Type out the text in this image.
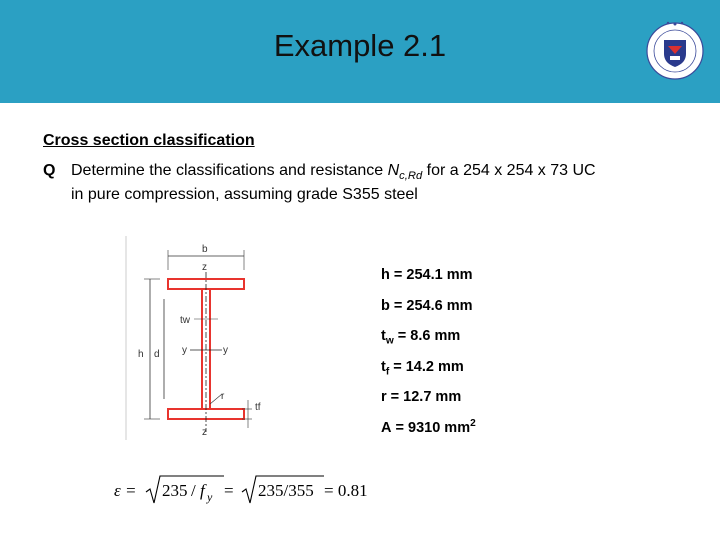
Example 2.1
Cross section classification
Q Determine the classifications and resistance $N_{c,Rd}$ for a 254 x 254 x 73 UC
in pure compression, assuming grade S355 steel
b
z
y	y
tw
h d
r
tf
z
h = 254.1 mm
b = 254.6 mm
$t_w = 8.6$ mm
$t_f = 14.2$ mm
r = 12.7 mm
A = 9310 $mm^2$
ε = 235 / f y = 235/355 = 0.81
